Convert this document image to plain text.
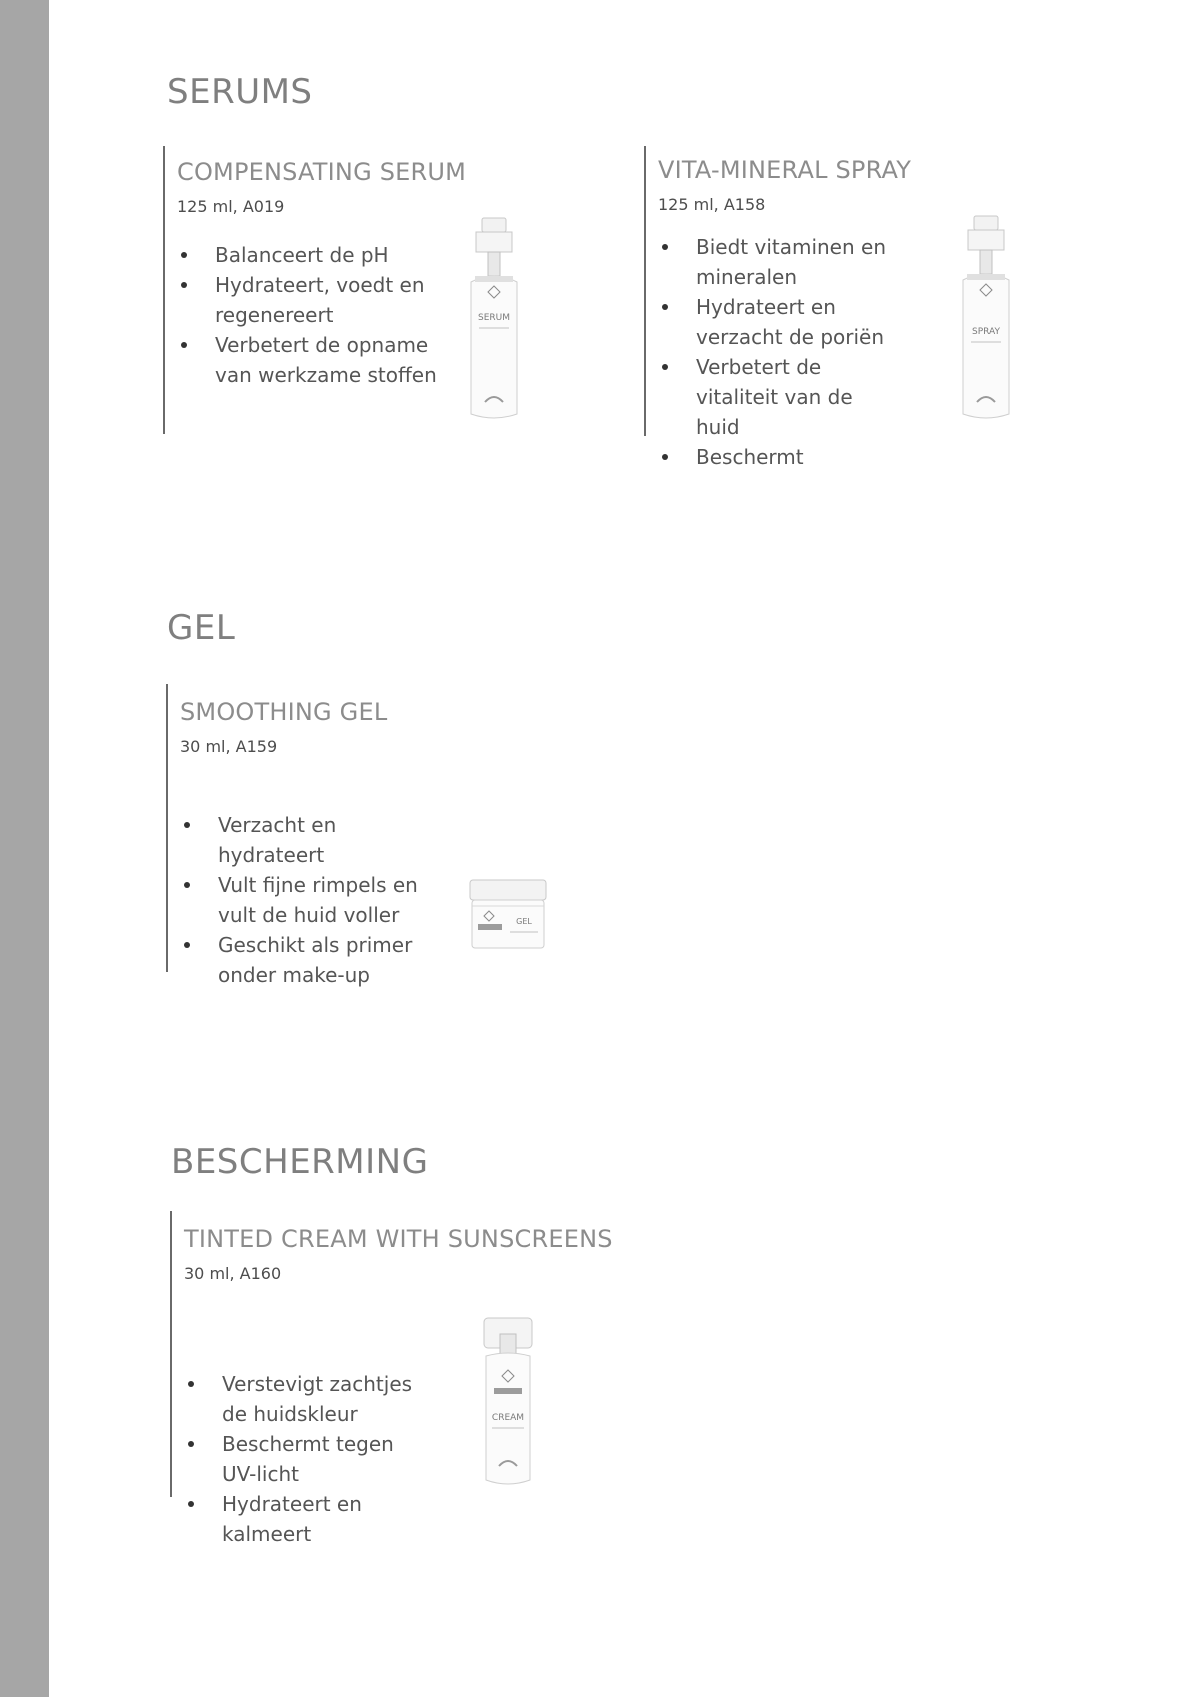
SERUMS
COMPENSATING SERUM
125 ml, A019
Balanceert de pH
Hydrateert, voedt en regenereert
Verbetert de opname van werkzame stoffen
SERUM
VITA-MINERAL SPRAY
125 ml, A158
Biedt vitaminen en mineralen
Hydrateert en verzacht de poriën
Verbetert de vitaliteit van de huid
Beschermt
SPRAY
GEL
SMOOTHING GEL
30 ml, A159
Verzacht en hydrateert
Vult fijne rimpels en vult de huid voller
Geschikt als primer onder make-up
GEL
BESCHERMING
TINTED CREAM WITH SUNSCREENS
30 ml, A160
Verstevigt zachtjes de huidskleur
Beschermt tegen UV-licht
Hydrateert en kalmeert
CREAM
